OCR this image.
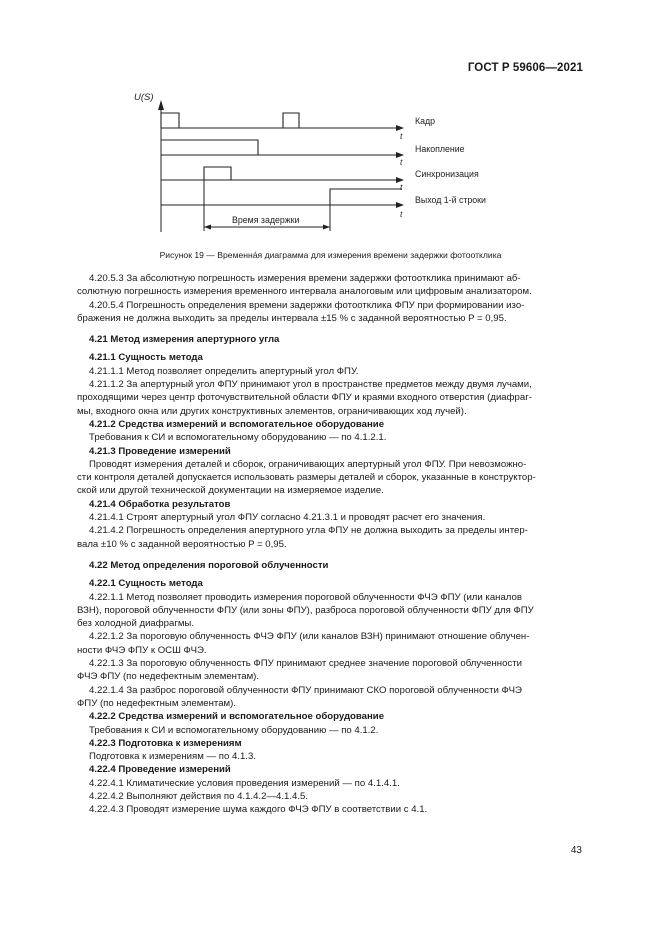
ГОСТ Р 59606—2021
U(S)
t
Кадр
t
Накопление
t
Синхронизация
t
Выход 1-й строки
Время задержки
Рисунок 19 — Временна́я диаграмма для измерения времени задержки фотоотклика

4.20.5.3 За абсолютную погрешность измерения времени задержки фотоотклика принимают аб-

солютную погрешность измерения временного интервала аналоговым или цифровым анализатором.

4.20.5.4 Погрешность определения времени задержки фотоотклика ФПУ при формировании изо-

бражения не должна выходить за пределы интервала ±15 % с заданной вероятностью P = 0,95.

4.21 Метод измерения апертурного угла

4.21.1 Сущность метода

4.21.1.1 Метод позволяет определить апертурный угол ФПУ.

4.21.1.2 За апертурный угол ФПУ принимают угол в пространстве предметов между двумя лучами,

проходящими через центр фоточувствительной области ФПУ и краями входного отверстия (диафраг-

мы, входного окна или других конструктивных элементов, ограничивающих ход лучей).

4.21.2 Средства измерений и вспомогательное оборудование

Требования к СИ и вспомогательному оборудованию — по 4.1.2.1.

4.21.3 Проведение измерений

Проводят измерения деталей и сборок, ограничивающих апертурный угол ФПУ. При невозможно-

сти контроля деталей допускается использовать размеры деталей и сборок, указанные в конструктор-

ской или другой технической документации на измеряемое изделие.

4.21.4 Обработка результатов

4.21.4.1 Строят апертурный угол ФПУ согласно 4.21.3.1 и проводят расчет его значения.

4.21.4.2 Погрешность определения апертурного угла ФПУ не должна выходить за пределы интер-

вала ±10 % с заданной вероятностью P = 0,95.

4.22 Метод определения пороговой облученности

4.22.1 Сущность метода

4.22.1.1 Метод позволяет проводить измерения пороговой облученности ФЧЭ ФПУ (или каналов

ВЗН), пороговой облученности ФПУ (или зоны ФПУ), разброса пороговой облученности ФПУ для ФПУ

без холодной диафрагмы.

4.22.1.2 За пороговую облученность ФЧЭ ФПУ (или каналов ВЗН) принимают отношение облучен-

ности ФЧЭ ФПУ к ОСШ ФЧЭ.

4.22.1.3 За пороговую облученность ФПУ принимают среднее значение пороговой облученности

ФЧЭ ФПУ (по недефектным элементам).

4.22.1.4 За разброс пороговой облученности ФПУ принимают СКО пороговой облученности ФЧЭ

ФПУ (по недефектным элементам).

4.22.2 Средства измерений и вспомогательное оборудование

Требования к СИ и вспомогательному оборудованию — по 4.1.2.

4.22.3 Подготовка к измерениям

Подготовка к измерениям — по 4.1.3.

4.22.4 Проведение измерений

4.22.4.1 Климатические условия проведения измерений — по 4.1.4.1.

4.22.4.2 Выполняют действия по 4.1.4.2—4.1.4.5.

4.22.4.3 Проводят измерение шума каждого ФЧЭ ФПУ в соответствии с 4.1.

43
